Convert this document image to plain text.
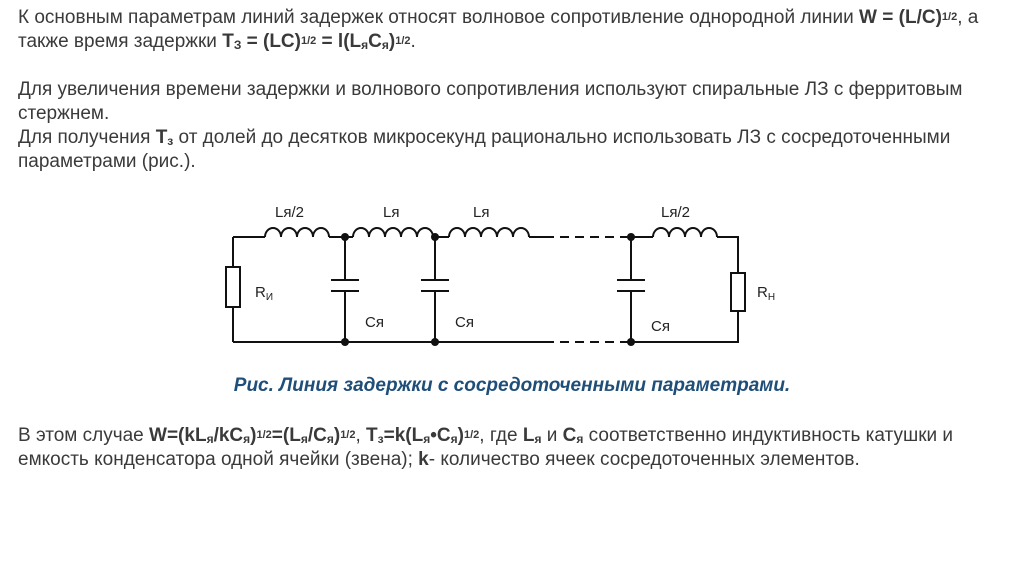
К основным параметрам линий задержек относят волновое сопротивление однородной линии $W = (L/C)^{1/2}$, а также время задержки $T_З = (LC)^{1/2} = l(L_яC_я)^{1/2}$.

Для увеличения времени задержки и волнового сопротивления используют спиральные ЛЗ с ферритовым стержнем.

Для получения $T_з$ от долей до десятков микросекунд рационально использовать ЛЗ с сосредоточенными параметрами (рис.).

Lя/2	Lя	Lя	Lя/2
$R_И$	$R_Н$
Cя	Cя	Cя
Рис. Линия задержки с сосредоточенными параметрами.

В этом случае $W=(kL_я/kC_я)^{1/2}=(L_я/C_я)^{1/2}$, $T_з=k(L_я•C_я)^{1/2}$, где $L_я$ и $C_я$ соответственно индуктивность катушки и емкость конденсатора одной ячейки (звена); k- количество ячеек сосредоточенных элементов.
